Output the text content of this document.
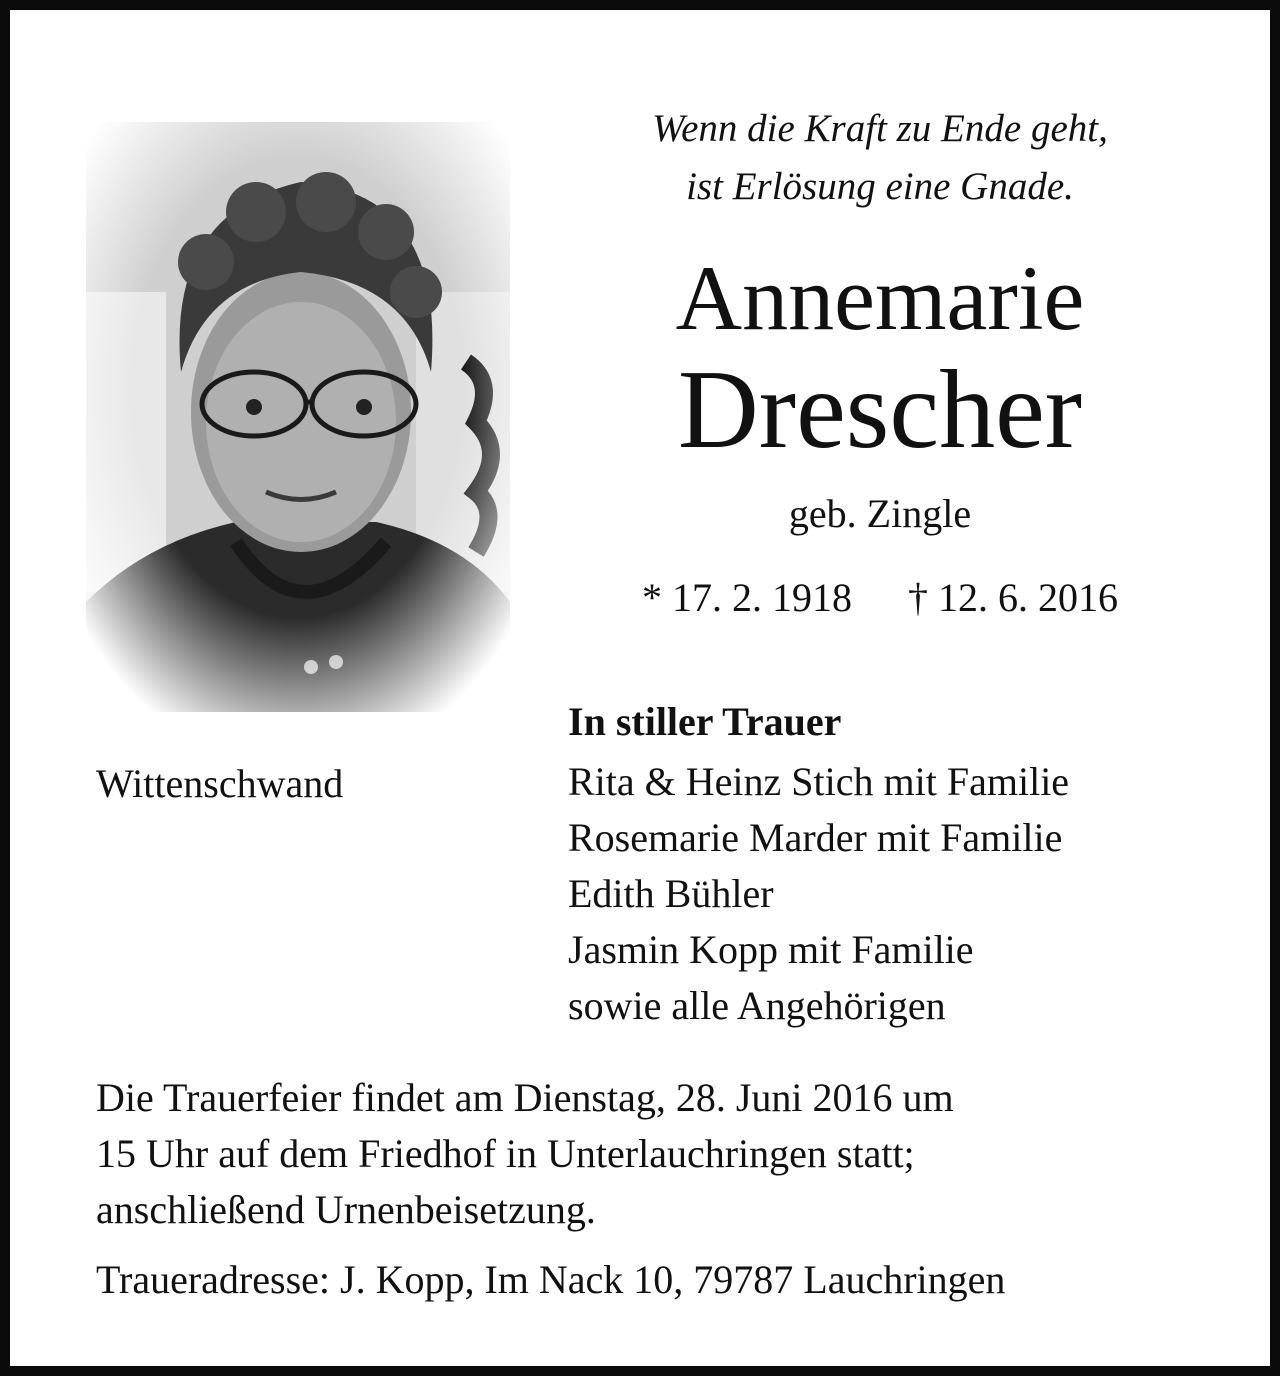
Wenn die Kraft zu Ende geht,
ist Erlösung eine Gnade.
Annemarie
Drescher
geb. Zingle
* 17. 2. 1918 † 12. 6. 2016
Wittenschwand
In stiller Trauer
Rita & Heinz Stich mit Familie
Rosemarie Marder mit Familie
Edith Bühler
Jasmin Kopp mit Familie
sowie alle Angehörigen
Die Trauerfeier findet am Dienstag, 28. Juni 2016 um
15 Uhr auf dem Friedhof in Unterlauchringen statt;
anschließend Urnenbeisetzung.
Traueradresse: J. Kopp, Im Nack 10, 79787 Lauchringen
